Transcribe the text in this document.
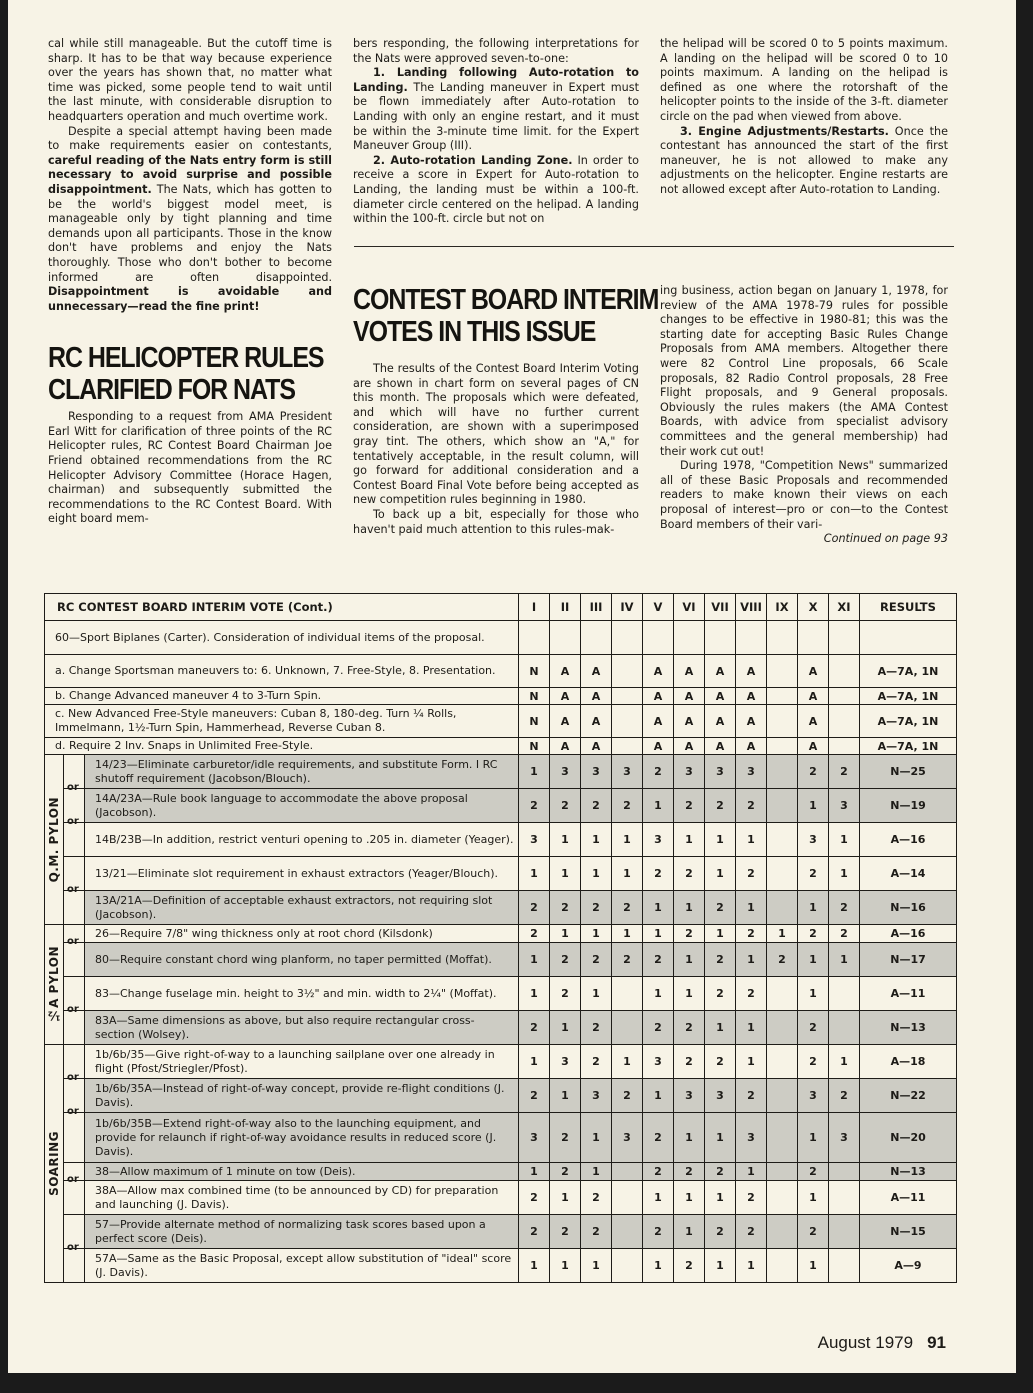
cal while still manageable. But the cutoff time is sharp. It has to be that way because experience over the years has shown that, no matter what time was picked, some people tend to wait until the last minute, with considerable disruption to headquarters operation and much overtime work.

Despite a special attempt having been made to make requirements easier on contestants, careful reading of the Nats entry form is still necessary to avoid surprise and possible disappointment. The Nats, which has gotten to be the world's biggest model meet, is manageable only by tight planning and time demands upon all participants. Those in the know don't have problems and enjoy the Nats thoroughly. Those who don't bother to become informed are often disappointed. Disappointment is avoidable and unnecessary—read the fine print!

RC HELICOPTER RULES

CLARIFIED FOR NATS

Responding to a request from AMA President Earl Witt for clarification of three points of the RC Helicopter rules, RC Contest Board Chairman Joe Friend obtained recommendations from the RC Helicopter Advisory Committee (Horace Hagen, chairman) and subsequently submitted the recommendations to the RC Contest Board. With eight board mem-

bers responding, the following interpretations for the Nats were approved seven-to-one:

1. Landing following Auto-rotation to Landing. The Landing maneuver in Expert must be flown immediately after Auto-rotation to Landing with only an engine restart, and it must be within the 3-minute time limit. for the Expert Maneuver Group (III).

2. Auto-rotation Landing Zone. In order to receive a score in Expert for Auto-rotation to Landing, the landing must be within a 100-ft. diameter circle centered on the helipad. A landing within the 100-ft. circle but not on

CONTEST BOARD INTERIM

VOTES IN THIS ISSUE

The results of the Contest Board Interim Voting are shown in chart form on several pages of CN this month. The proposals which were defeated, and which will have no further current consideration, are shown with a superimposed gray tint. The others, which show an "A," for tentatively acceptable, in the result column, will go forward for additional consideration and a Contest Board Final Vote before being accepted as new competition rules beginning in 1980.

To back up a bit, especially for those who haven't paid much attention to this rules-mak-

the helipad will be scored 0 to 5 points maximum. A landing on the helipad will be scored 0 to 10 points maximum. A landing on the helipad is defined as one where the rotorshaft of the helicopter points to the inside of the 3-ft. diameter circle on the pad when viewed from above.

3. Engine Adjustments/Restarts. Once the contestant has announced the start of the first maneuver, he is not allowed to make any adjustments on the helicopter. Engine restarts are not allowed except after Auto-rotation to Landing.

ing business, action began on January 1, 1978, for review of the AMA 1978-79 rules for possible changes to be effective in 1980-81; this was the starting date for accepting Basic Rules Change Proposals from AMA members. Altogether there were 82 Control Line proposals, 66 Scale proposals, 82 Radio Control proposals, 28 Free Flight proposals, and 9 General proposals. Obviously the rules makers (the AMA Contest Boards, with advice from specialist advisory committees and the general membership) had their work cut out!

During 1978, "Competition News" summarized all of these Basic Proposals and recommended readers to make known their views on each proposal of interest—pro or con—to the Contest Board members of their vari-

Continued on page 93

RC CONTEST BOARD INTERIM VOTE (Cont.)			I	II	III	IV	V	VI	VII	VIII	IX	X	XI	RESULTS
60—Sport Biplanes (Carter). Consideration of individual items of the proposal.														
a. Change Sportsman maneuvers to: 6. Unknown, 7. Free-Style, 8. Presentation.			N	A	A		A	A	A	A		A		A—7A, 1N
b. Change Advanced maneuver 4 to 3-Turn Spin.			N	A	A		A	A	A	A		A		A—7A, 1N
c. New Advanced Free-Style maneuvers: Cuban 8, 180-deg. Turn ¼ Rolls, Immelmann, 1½-Turn Spin, Hammerhead, Reverse Cuban 8.			N	A	A		A	A	A	A		A		A—7A, 1N
d. Require 2 Inv. Snaps in Unlimited Free-Style.			N	A	A		A	A	A	A		A		A—7A, 1N

Q.M. PYLON		14/23—Eliminate carburetor/idle requirements, and substitute Form. I RC shutoff requirement (Jacobson/Blouch).	1	3	3	3	2	3	3	3		2	2	N—25

	or	14A/23A—Rule book language to accommodate the above proposal (Jacobson).	2	2	2	2	1	2	2	2		1	3	N—19

	or	14B/23B—In addition, restrict venturi opening to .205 in. diameter (Yeager).	3	1	1	1	3	1	1	1		3	1	A—16
		13/21—Eliminate slot requirement in exhaust extractors (Yeager/Blouch).	1	1	1	1	2	2	1	2		2	1	A—14

	or	13A/21A—Definition of acceptable exhaust extractors, not requiring slot (Jacobson).	2	2	2	2	1	1	2	1		1	2	N—16

½A PYLON		26—Require 7/8" wing thickness only at root chord (Kilsdonk)	2	1	1	1	1	2	1	2	1	2	2	A—16

	or	80—Require constant chord wing planform, no taper permitted (Moffat).	1	2	2	2	2	1	2	1	2	1	1	N—17
		83—Change fuselage min. height to 3½" and min. width to 2¼" (Moffat).	1	2	1		1	1	2	2		1		A—11

	or	83A—Same dimensions as above, but also require rectangular cross-section (Wolsey).	2	1	2		2	2	1	1		2		N—13

SOARING		1b/6b/35—Give right-of-way to a launching sailplane over one already in flight (Pfost/Striegler/Pfost).	1	3	2	1	3	2	2	1		2	1	A—18

	or	1b/6b/35A—Instead of right-of-way concept, provide re-flight conditions (J. Davis).	2	1	3	2	1	3	3	2		3	2	N—22

	or	1b/6b/35B—Extend right-of-way also to the launching equipment, and provide for relaunch if right-of-way avoidance results in reduced score (J. Davis).	3	2	1	3	2	1	1	3		1	3	N—20
		38—Allow maximum of 1 minute on tow (Deis).	1	2	1		2	2	2	1		2		N—13

	or	38A—Allow max combined time (to be announced by CD) for preparation and launching (J. Davis).	2	1	2		1	1	1	2		1		A—11
		57—Provide alternate method of normalizing task scores based upon a perfect score (Deis).	2	2	2		2	1	2	2		2		N—15

	or	57A—Same as the Basic Proposal, except allow substitution of "ideal" score (J. Davis).	1	1	1		1	2	1	1		1		A—9
August 1979 91
